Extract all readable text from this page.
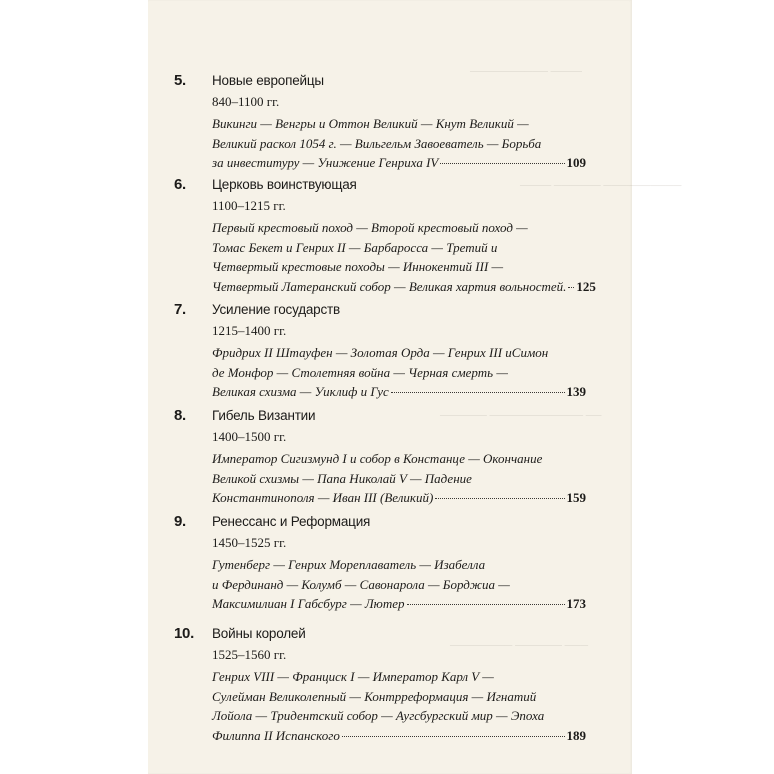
────────── ────
──── ────── ──────────
────── ──────────── ──
──────── ────── ───
5. Новые европейцы
840–1100 гг.
Викинги — Венгры и Оттон Великий — Кнут Великий —
Великий раскол 1054 г. — Вильгельм Завоеватель — Борьба
за инвеституру — Унижение Генриха IV	109
6. Церковь воинствующая
1100–1215 гг.
Первый крестовый поход — Второй крестовый поход —
Томас Бекет и Генрих II — Барбаросса — Третий и
Четвертый крестовые походы — Иннокентий III —
Четвертый Латеранский собор — Великая хартия вольностей. 125
7. Усиление государств
1215–1400 гг.
Фридрих II Штауфен — Золотая Орда — Генрих III иСимон
де Монфор — Столетняя война — Черная смерть —
Великая схизма — Уиклиф и Гус	139
8. Гибель Византии
1400–1500 гг.
Император Сигизмунд I и собор в Констанце — Окончание
Великой схизмы — Папа Николай V — Падение
Константинополя — Иван III (Великий)	159
9. Ренессанс и Реформация
1450–1525 гг.
Гутенберг — Генрих Мореплаватель — Изабелла
и Фердинанд — Колумб — Савонарола — Борджиа —
Максимилиан I Габсбург — Лютер	173
10. Войны королей
1525–1560 гг.
Генрих VIII — Франциск I — Император Карл V —
Сулейман Великолепный — Контрреформация — Игнатий
Лойола — Тридентский собор — Аугсбургский мир — Эпоха
Филиппа II Испанского	189
